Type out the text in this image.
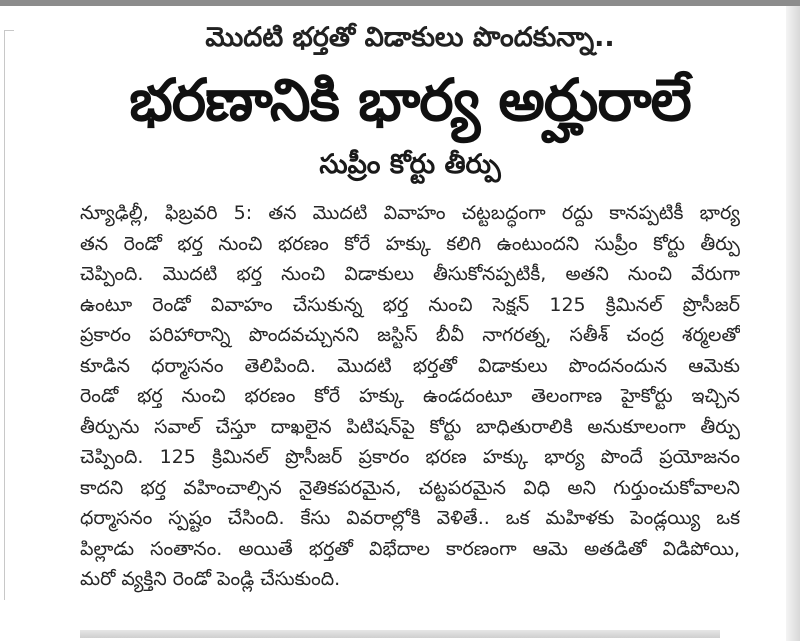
మొదటి భర్తతో విడాకులు పొందకున్నా..
భరణానికి భార్య అర్హురాలే
సుప్రీం కోర్టు తీర్పు
న్యూఢిల్లీ, ఫిబ్రవరి 5: తన మొదటి వివాహం చట్టబద్ధంగా రద్దు కానప్పటికీ భార్య
తన రెండో భర్త నుంచి భరణం కోరే హక్కు కలిగి ఉంటుందని సుప్రీం కోర్టు తీర్పు
చెప్పింది. మొదటి భర్త నుంచి విడాకులు తీసుకోనప్పటికీ, అతని నుంచి వేరుగా
ఉంటూ రెండో వివాహం చేసుకున్న భర్త నుంచి సెక్షన్ 125 క్రిమినల్ ప్రొసీజర్
ప్రకారం పరిహారాన్ని పొందవచ్చునని జస్టిస్ బీవీ నాగరత్న, సతీశ్ చంద్ర శర్మలతో
కూడిన ధర్మాసనం తెలిపింది. మొదటి భర్తతో విడాకులు పొందనందున ఆమెకు
రెండో భర్త నుంచి భరణం కోరే హక్కు ఉండదంటూ తెలంగాణ హైకోర్టు ఇచ్చిన
తీర్పును సవాల్ చేస్తూ దాఖలైన పిటిషన్‌పై కోర్టు బాధితురాలికి అనుకూలంగా తీర్పు
చెప్పింది. 125 క్రిమినల్ ప్రొసీజర్ ప్రకారం భరణ హక్కు భార్య పొందే ప్రయోజనం
కాదని భర్త వహించాల్సిన నైతికపరమైన, చట్టపరమైన విధి అని గుర్తుంచుకోవాలని
ధర్మాసనం స్పష్టం చేసింది. కేసు వివరాల్లోకి వెళితే.. ఒక మహిళకు పెండ్లయ్యి ఒక
పిల్లాడు సంతానం. అయితే భర్తతో విభేదాల కారణంగా ఆమె అతడితో విడిపోయి,
మరో వ్యక్తిని రెండో పెండ్లి చేసుకుంది.
